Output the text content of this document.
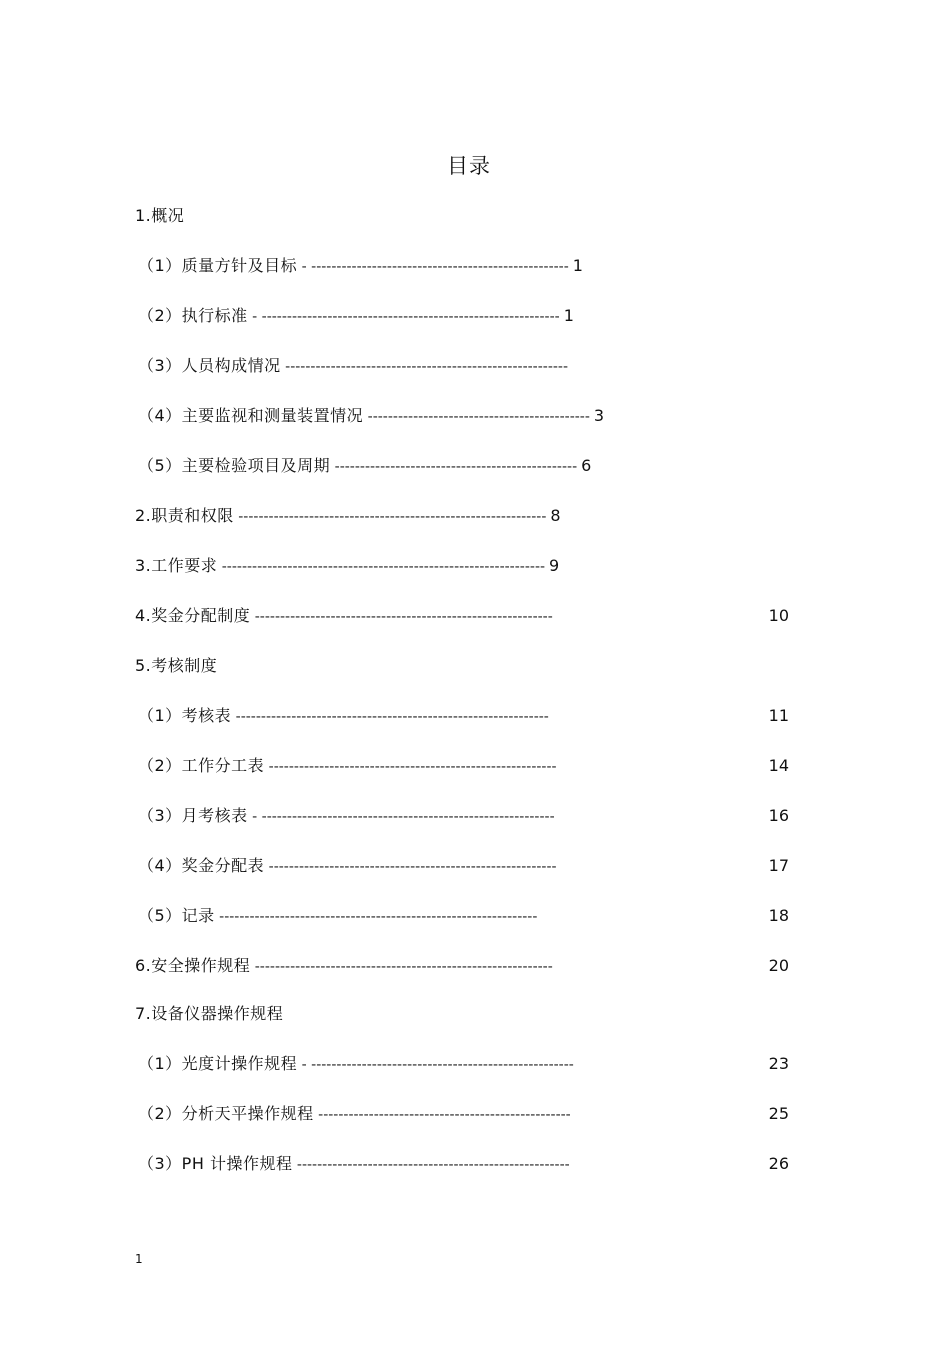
目录
1.概况
（1）质量方针及目标 - --------------------------------------------------- 1
（2）执行标准 - ----------------------------------------------------------- 1
（3）人员构成情况 --------------------------------------------------------
（4）主要监视和测量装置情况 -------------------------------------------- 3
（5）主要检验项目及周期 ------------------------------------------------ 6
2.职责和权限 ------------------------------------------------------------- 8
3.工作要求 ---------------------------------------------------------------- 9
4.奖金分配制度 -----------------------------------------------------------	10
5.考核制度
（1）考核表 --------------------------------------------------------------	11
（2）工作分工表 ---------------------------------------------------------	14
（3）月考核表 - ----------------------------------------------------------	16
（4）奖金分配表 ---------------------------------------------------------	17
（5）记录 ---------------------------------------------------------------	18
6.安全操作规程 -----------------------------------------------------------	20
7.设备仪器操作规程
（1）光度计操作规程 - ----------------------------------------------------	23
（2）分析天平操作规程 --------------------------------------------------	25
（3）PH 计操作规程 ------------------------------------------------------	26
1
